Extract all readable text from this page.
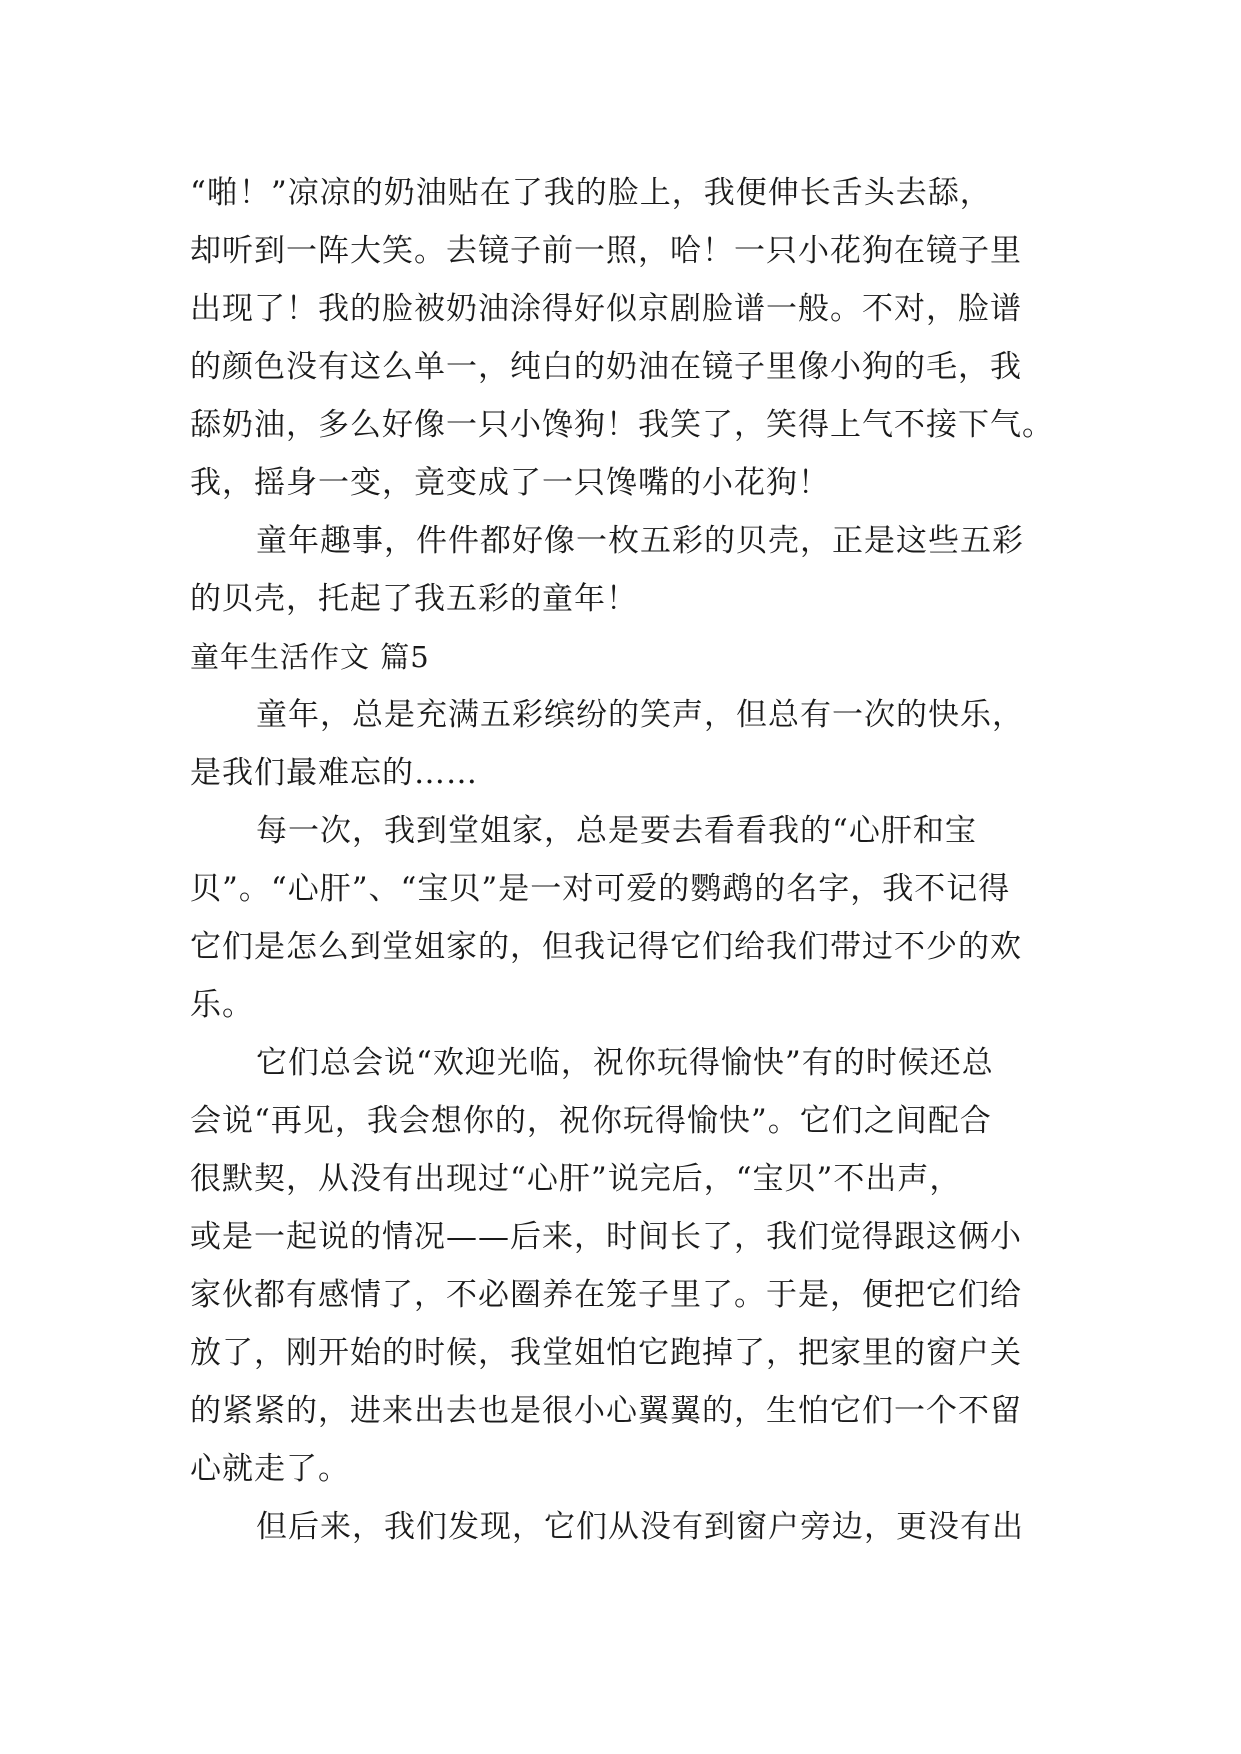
“啪！”凉凉的奶油贴在了我的脸上，我便伸长舌头去舔，
却听到一阵大笑。去镜子前一照，哈！一只小花狗在镜子里
出现了！我的脸被奶油涂得好似京剧脸谱一般。不对，脸谱
的颜色没有这么单一，纯白的奶油在镜子里像小狗的毛，我
舔奶油，多么好像一只小馋狗！我笑了，笑得上气不接下气。
我，摇身一变，竟变成了一只馋嘴的小花狗！
童年趣事，件件都好像一枚五彩的贝壳，正是这些五彩
的贝壳，托起了我五彩的童年！
童年生活作文 篇5
童年，总是充满五彩缤纷的笑声，但总有一次的快乐，
是我们最难忘的……
每一次，我到堂姐家，总是要去看看我的“心肝和宝
贝”。“心肝”、“宝贝”是一对可爱的鹦鹉的名字，我不记得
它们是怎么到堂姐家的，但我记得它们给我们带过不少的欢
乐。
它们总会说“欢迎光临，祝你玩得愉快”有的时候还总
会说“再见，我会想你的，祝你玩得愉快”。它们之间配合
很默契，从没有出现过“心肝”说完后，“宝贝”不出声，
或是一起说的情况——后来，时间长了，我们觉得跟这俩小
家伙都有感情了，不必圈养在笼子里了。于是，便把它们给
放了，刚开始的时候，我堂姐怕它跑掉了，把家里的窗户关
的紧紧的，进来出去也是很小心翼翼的，生怕它们一个不留
心就走了。
但后来，我们发现，它们从没有到窗户旁边，更没有出
